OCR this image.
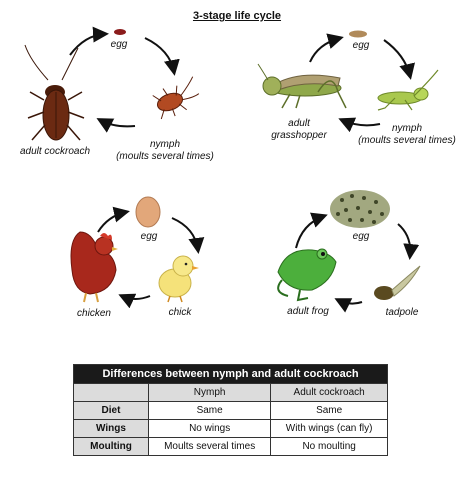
3-stage life cycle
egg
nymph
(moults several times)
adult cockroach
egg
nymph
(moults several times)
adult
grasshopper
egg
chick
chicken
egg
tadpole
adult frog
Differences between nymph and adult cockroach		
	Nymph	Adult cockroach
Diet	Same	Same
Wings	No wings	With wings (can fly)
Moulting	Moults several times	No moulting
